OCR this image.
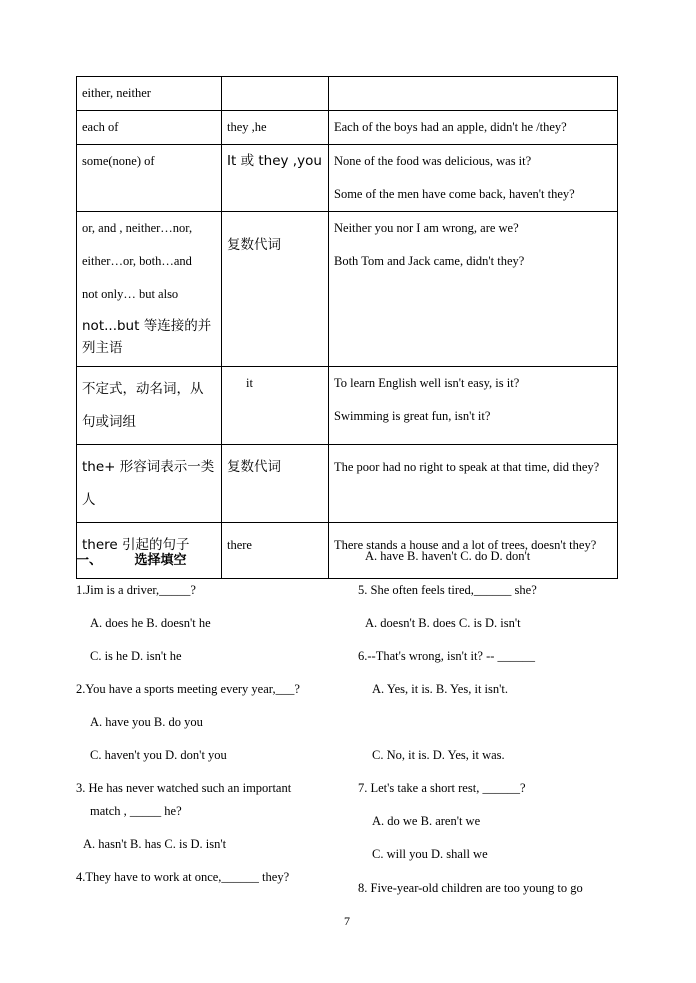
either, neither		
each of	they ,he	Each of the boys had an apple, didn't he /they?
some(none) of	It 或 they ,you	None of the food was delicious, was it?
Some of the men have come back, haven't they?

or, and , neither…nor,
either…or, both…and
not only… but also
not...but 等连接的并列主语	复数代词	Neither you nor I am wrong, are we?
Both Tom and Jack came, didn't they?

不定式，动名词，从句或词组	it	To learn English well isn't easy, is it?
Swimming is great fun, isn't it?

the+ 形容词表示一类人	复数代词	The poor had no right to speak at that time, did they?
there 引起的句子	there	There stands a house and a lot of trees, doesn't they?
一、	选择填空
1.Jim is a driver,_____?
A. does he B. doesn't he
C. is he D. isn't he
2.You have a sports meeting every year,___?
A. have you B. do you
C. haven't you D. don't you
3. He has never watched such an important
match , _____ he?
A. hasn't B. has C. is D. isn't
4.They have to work at once,______ they?
A. have B. haven't C. do D. don't
5. She often feels tired,______ she?
A. doesn't B. does C. is D. isn't
6.--That's wrong, isn't it? -- ______
A. Yes, it is. B. Yes, it isn't.
C. No, it is. D. Yes, it was.
7. Let's take a short rest, ______?
A. do we B. aren't we
C. will you D. shall we
8. Five-year-old children are too young to go
7
